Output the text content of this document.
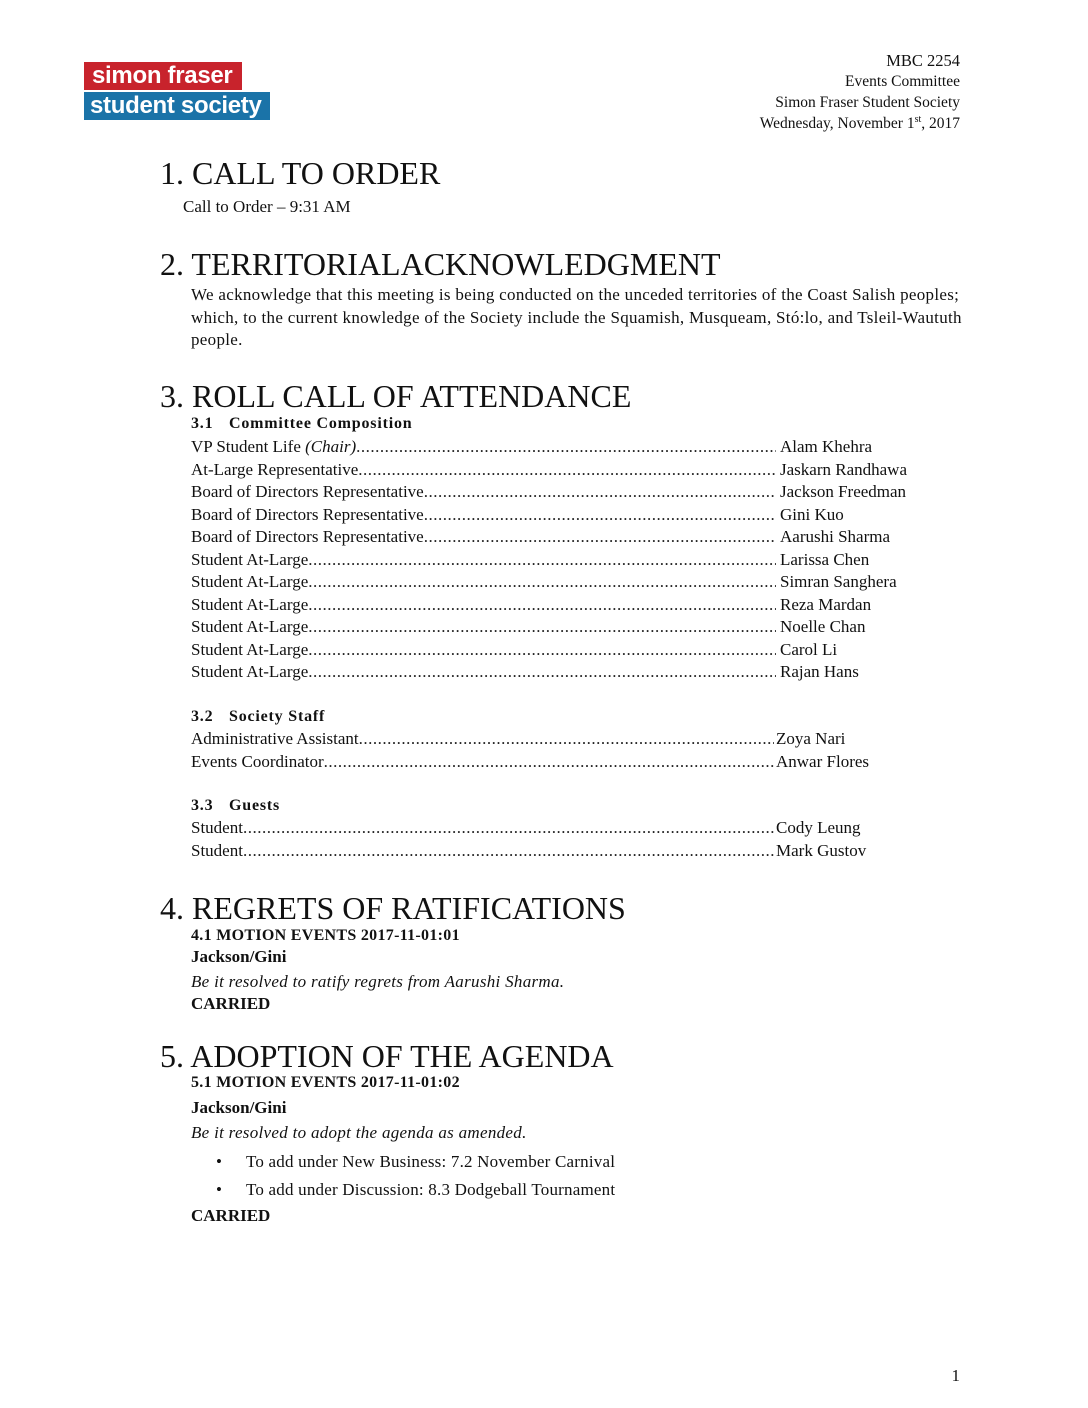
simon fraser
student society
MBC 2254
Events Committee
Simon Fraser Student Society
Wednesday, November 1st, 2017
1. CALL TO ORDER
Call to Order – 9:31 AM
2. TERRITORIALACKNOWLEDGMENT
We acknowledge that this meeting is being conducted on the unceded territories of the Coast Salish peoples; which, to the current knowledge of the Society include the Squamish, Musqueam, Stó:lo, and Tsleil-Waututh people.
3. ROLL CALL OF ATTENDANCE
3.1 Committee Composition
VP Student Life (Chair) .....	Alam Khehra
At-Large Representative .....	Jaskarn Randhawa
Board of Directors Representative .....	Jackson Freedman
Board of Directors Representative .....	Gini Kuo
Board of Directors Representative .....	Aarushi Sharma
Student At-Large .....	Larissa Chen
Student At-Large .....	Simran Sanghera
Student At-Large .....	Reza Mardan
Student At-Large .....	Noelle Chan
Student At-Large .....	Carol Li
Student At-Large .....	Rajan Hans
3.2 Society Staff
Administrative Assistant .....	Zoya Nari
Events Coordinator .....	Anwar Flores
3.3 Guests
Student .....	Cody Leung
Student .....	Mark Gustov
4. REGRETS OF RATIFICATIONS
4.1 MOTION EVENTS 2017-11-01:01
Jackson/Gini
Be it resolved to ratify regrets from Aarushi Sharma.
CARRIED
5. ADOPTION OF THE AGENDA
5.1 MOTION EVENTS 2017-11-01:02
Jackson/Gini
Be it resolved to adopt the agenda as amended.
• To add under New Business: 7.2 November Carnival
• To add under Discussion: 8.3 Dodgeball Tournament
CARRIED
1
